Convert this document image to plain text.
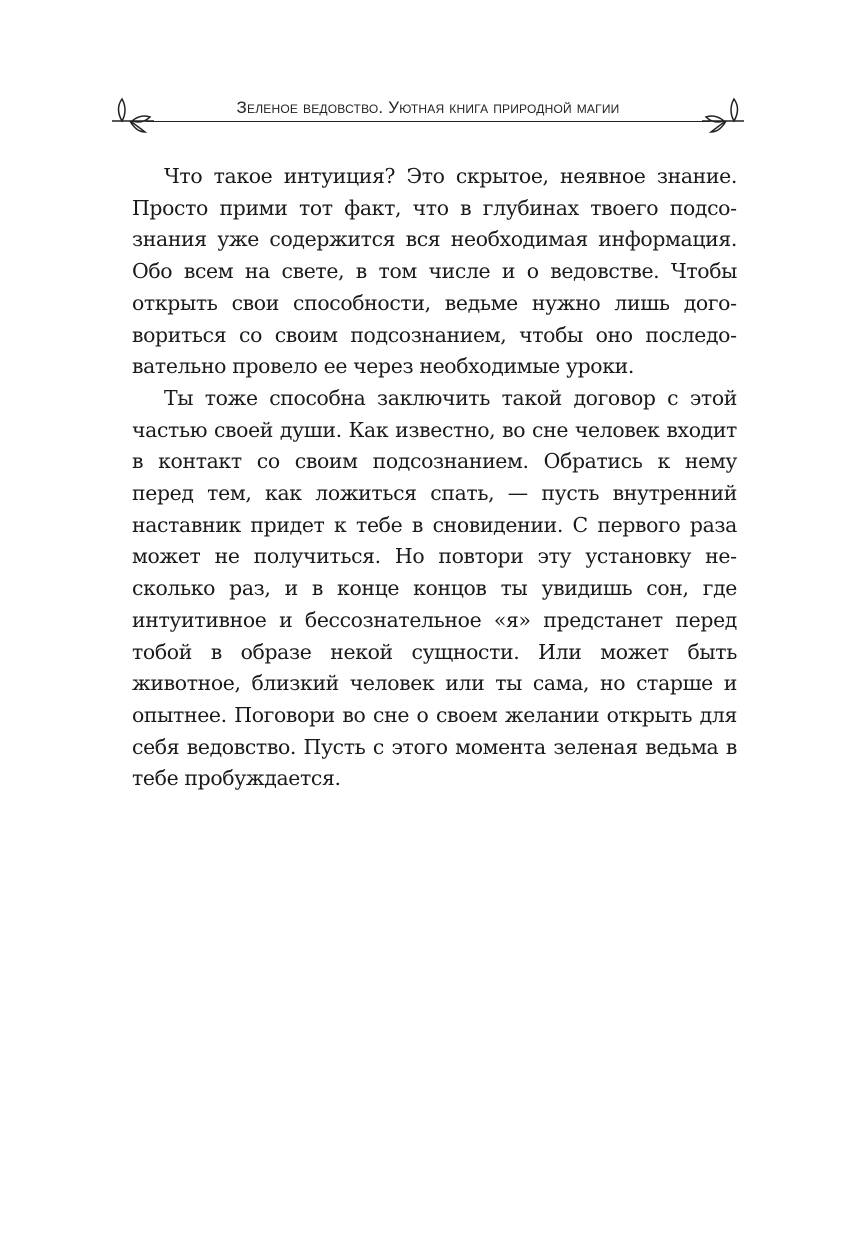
Зеленое ведовство. Уютная книга природной магии

Что такое интуиция? Это скрытое, неявное знание. Просто прими тот факт, что в глубинах твоего подсознания уже содержится вся необходимая информация. Обо всем на свете, в том числе и о ведовстве. Чтобы открыть свои способности, ведьме нужно лишь договориться со своим подсознанием, чтобы оно последовательно провело ее через необходимые уроки.

Ты тоже способна заключить такой договор с этой частью своей души. Как известно, во сне человек входит в контакт со своим подсознанием. Обратись к нему перед тем, как ложиться спать, — пусть внутренний наставник придет к тебе в сновидении. С первого раза может не получиться. Но повтори эту установку несколько раз, и в конце концов ты увидишь сон, где интуитивное и бессознательное «я» предстанет перед тобой в образе некой сущности. Или может быть животное, близкий человек или ты сама, но старше и опытнее. Поговори во сне о своем желании открыть для себя ведовство. Пусть с этого момента зеленая ведьма в тебе пробуждается.
